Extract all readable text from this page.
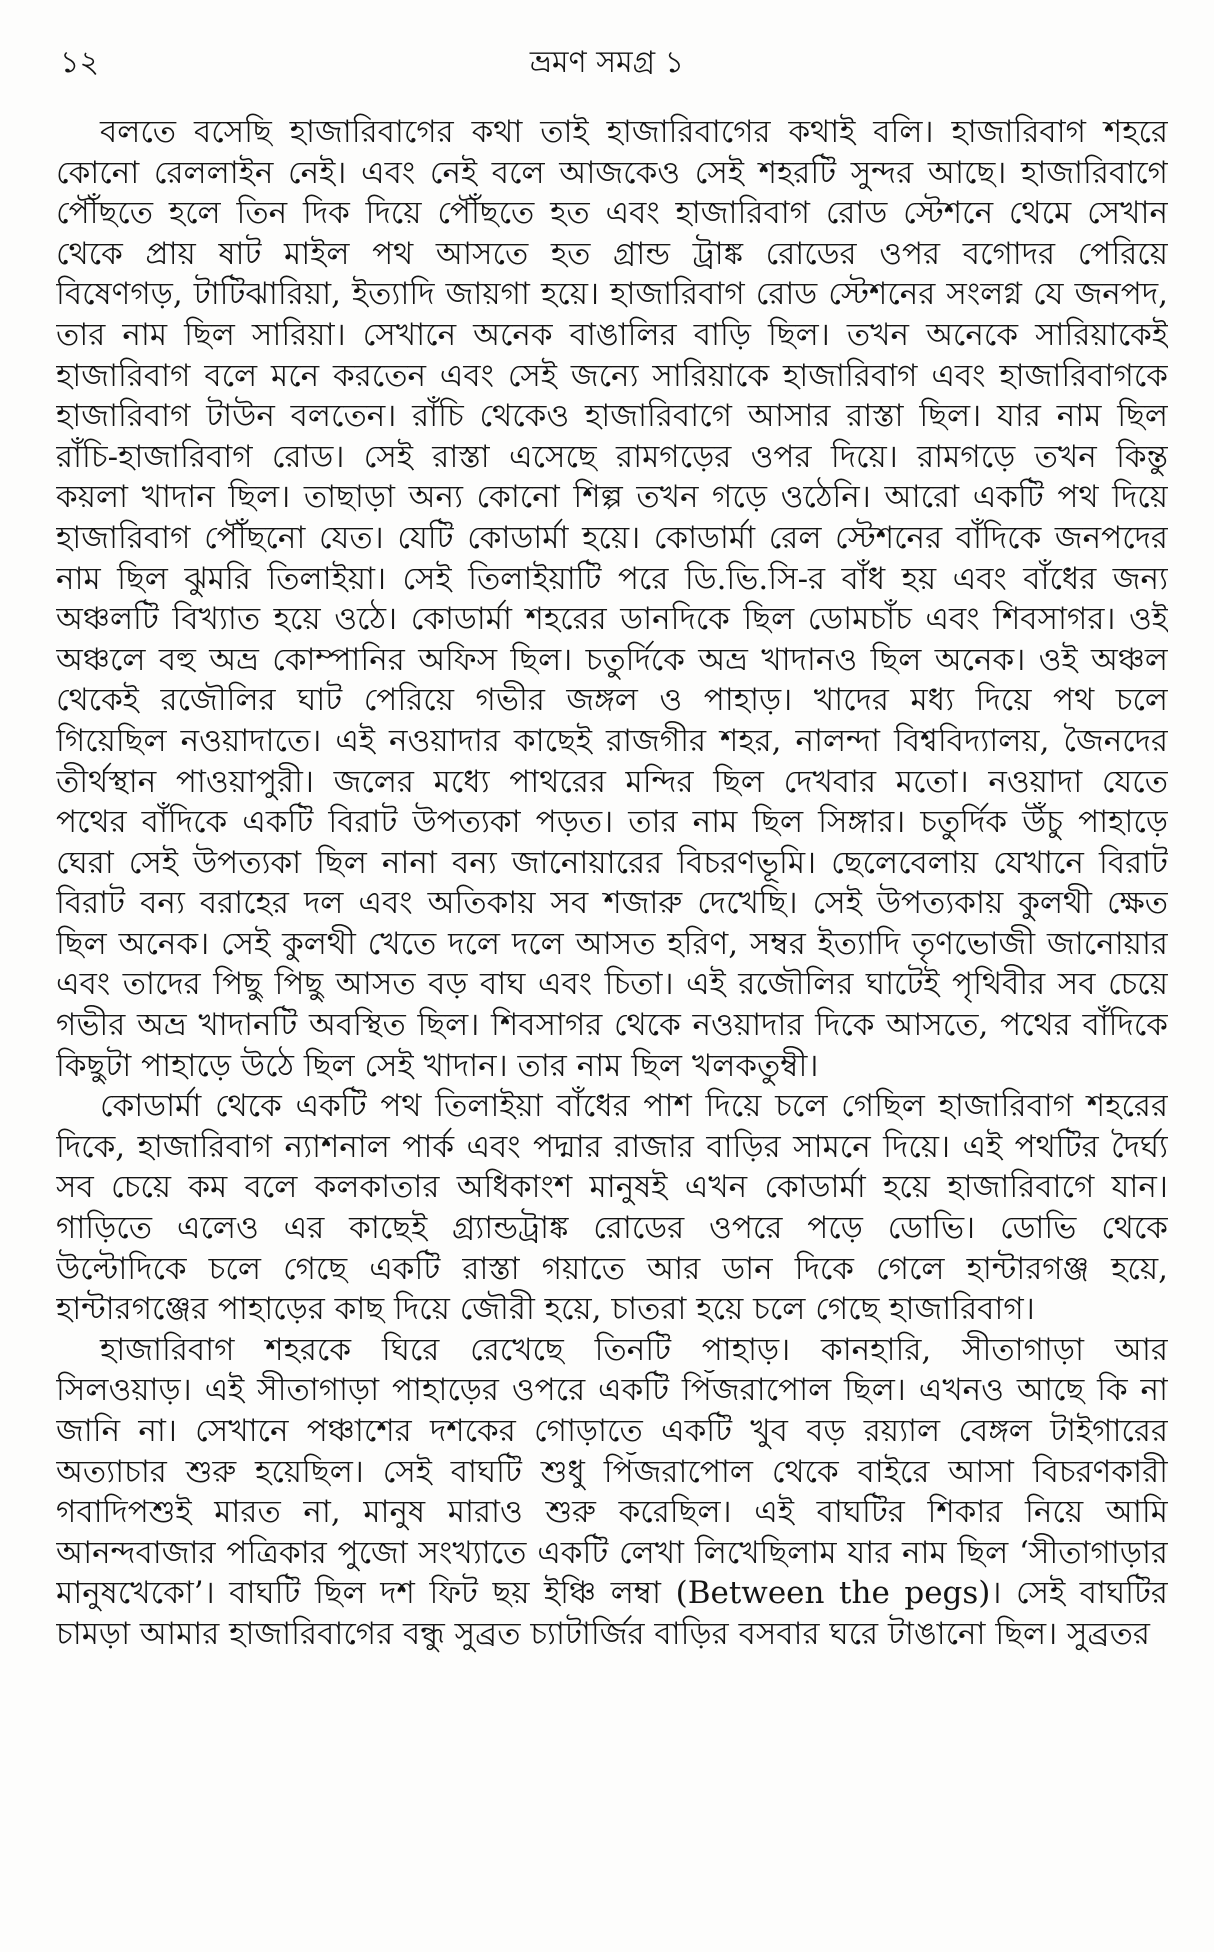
১২	ভ্রমণ সমগ্র ১
বলতে বসেছি হাজারিবাগের কথা তাই হাজারিবাগের কথাই বলি। হাজারিবাগ শহরে
কোনো রেললাইন নেই। এবং নেই বলে আজকেও সেই শহরটি সুন্দর আছে। হাজারিবাগে
পৌঁছতে হলে তিন দিক দিয়ে পৌঁছতে হত এবং হাজারিবাগ রোড স্টেশনে থেমে সেখান
থেকে প্রায় ষাট মাইল পথ আসতে হত গ্রান্ড ট্রাঙ্ক রোডের ওপর বগোদর পেরিয়ে
বিষেণগড়, টাটিঝারিয়া, ইত্যাদি জায়গা হয়ে। হাজারিবাগ রোড স্টেশনের সংলগ্ন যে জনপদ,
তার নাম ছিল সারিয়া। সেখানে অনেক বাঙালির বাড়ি ছিল। তখন অনেকে সারিয়াকেই
হাজারিবাগ বলে মনে করতেন এবং সেই জন্যে সারিয়াকে হাজারিবাগ এবং হাজারিবাগকে
হাজারিবাগ টাউন বলতেন। রাঁচি থেকেও হাজারিবাগে আসার রাস্তা ছিল। যার নাম ছিল
রাঁচি-হাজারিবাগ রোড। সেই রাস্তা এসেছে রামগড়ের ওপর দিয়ে। রামগড়ে তখন কিন্তু
কয়লা খাদান ছিল। তাছাড়া অন্য কোনো শিল্প তখন গড়ে ওঠেনি। আরো একটি পথ দিয়ে
হাজারিবাগ পৌঁছনো যেত। যেটি কোডার্মা হয়ে। কোডার্মা রেল স্টেশনের বাঁদিকে জনপদের
নাম ছিল ঝুমরি তিলাইয়া। সেই তিলাইয়াটি পরে ডি.ভি.সি-র বাঁধ হয় এবং বাঁধের জন্য
অঞ্চলটি বিখ্যাত হয়ে ওঠে। কোডার্মা শহরের ডানদিকে ছিল ডোমচাঁচ এবং শিবসাগর। ওই
অঞ্চলে বহু অভ্র কোম্পানির অফিস ছিল। চতুর্দিকে অভ্র খাদানও ছিল অনেক। ওই অঞ্চল
থেকেই রজৌলির ঘাট পেরিয়ে গভীর জঙ্গল ও পাহাড়। খাদের মধ্য দিয়ে পথ চলে
গিয়েছিল নওয়াদাতে। এই নওয়াদার কাছেই রাজগীর শহর, নালন্দা বিশ্ববিদ্যালয়, জৈনদের
তীর্থস্থান পাওয়াপুরী। জলের মধ্যে পাথরের মন্দির ছিল দেখবার মতো। নওয়াদা যেতে
পথের বাঁদিকে একটি বিরাট উপত্যকা পড়ত। তার নাম ছিল সিঙ্গার। চতুর্দিক উঁচু পাহাড়ে
ঘেরা সেই উপত্যকা ছিল নানা বন্য জানোয়ারের বিচরণভূমি। ছেলেবেলায় যেখানে বিরাট
বিরাট বন্য বরাহের দল এবং অতিকায় সব শজারু দেখেছি। সেই উপত্যকায় কুলথী ক্ষেত
ছিল অনেক। সেই কুলথী খেতে দলে দলে আসত হরিণ, সম্বর ইত্যাদি তৃণভোজী জানোয়ার
এবং তাদের পিছু পিছু আসত বড় বাঘ এবং চিতা। এই রজৌলির ঘাটেই পৃথিবীর সব চেয়ে
গভীর অভ্র খাদানটি অবস্থিত ছিল। শিবসাগর থেকে নওয়াদার দিকে আসতে, পথের বাঁদিকে
কিছুটা পাহাড়ে উঠে ছিল সেই খাদান। তার নাম ছিল খলকতুম্বী।
কোডার্মা থেকে একটি পথ তিলাইয়া বাঁধের পাশ দিয়ে চলে গেছিল হাজারিবাগ শহরের
দিকে, হাজারিবাগ ন্যাশনাল পার্ক এবং পদ্মার রাজার বাড়ির সামনে দিয়ে। এই পথটির দৈর্ঘ্য
সব চেয়ে কম বলে কলকাতার অধিকাংশ মানুষই এখন কোডার্মা হয়ে হাজারিবাগে যান।
গাড়িতে এলেও এর কাছেই গ্র্যান্ডট্রাঙ্ক রোডের ওপরে পড়ে ডোভি। ডোভি থেকে
উল্টোদিকে চলে গেছে একটি রাস্তা গয়াতে আর ডান দিকে গেলে হান্টারগঞ্জ হয়ে,
হান্টারগঞ্জের পাহাড়ের কাছ দিয়ে জৌরী হয়ে, চাতরা হয়ে চলে গেছে হাজারিবাগ।
হাজারিবাগ শহরকে ঘিরে রেখেছে তিনটি পাহাড়। কানহারি, সীতাগাড়া আর
সিলওয়াড়। এই সীতাগাড়া পাহাড়ের ওপরে একটি পিঁজরাপোল ছিল। এখনও আছে কি না
জানি না। সেখানে পঞ্চাশের দশকের গোড়াতে একটি খুব বড় রয়্যাল বেঙ্গল টাইগারের
অত্যাচার শুরু হয়েছিল। সেই বাঘটি শুধু পিঁজরাপোল থেকে বাইরে আসা বিচরণকারী
গবাদিপশুই মারত না, মানুষ মারাও শুরু করেছিল। এই বাঘটির শিকার নিয়ে আমি
আনন্দবাজার পত্রিকার পুজো সংখ্যাতে একটি লেখা লিখেছিলাম যার নাম ছিল ‘সীতাগাড়ার
মানুষখেকো’। বাঘটি ছিল দশ ফিট ছয় ইঞ্চি লম্বা (Between the pegs)। সেই বাঘটির
চামড়া আমার হাজারিবাগের বন্ধু সুব্রত চ্যাটার্জির বাড়ির বসবার ঘরে টাঙানো ছিল। সুব্রতর
